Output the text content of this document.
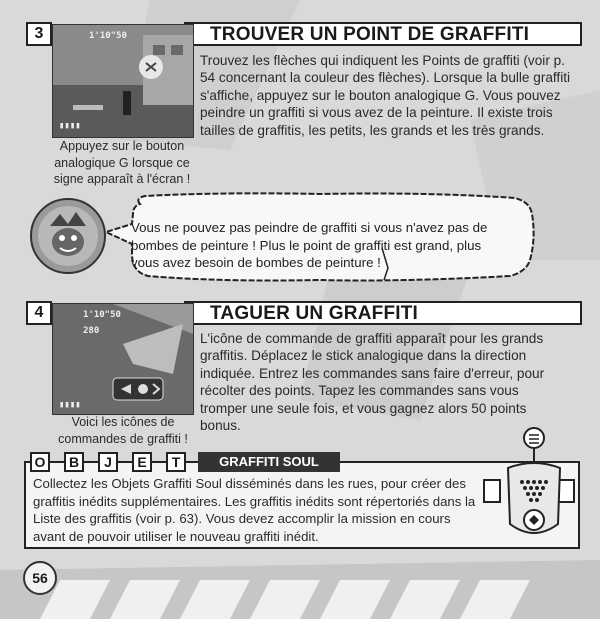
3	TROUVER UN POINT DE GRAFFITI
1'10"50
▮▮▮▮
Appuyez sur le bouton analogique G lorsque ce signe apparaît à l'écran !
Trouvez les flèches qui indiquent les Points de graffiti (voir p. 54 concernant la couleur des flèches). Lorsque la bulle graffiti s'affiche, appuyez sur le bouton analogique G. Vous pouvez peindre un graffiti si vous avez de la peinture. Il existe trois tailles de graffitis, les petits, les grands et les très grands.
Vous ne pouvez pas peindre de graffiti si vous n'avez pas de bombes de peinture ! Plus le point de graffiti est grand, plus vous avez besoin de bombes de peinture !
4	TAGUER UN GRAFFITI
1'10"50
280
▮▮▮▮
Voici les icônes de commandes de graffiti !
L'icône de commande de graffiti apparaît pour les grands graffitis. Déplacez le stick analogique dans la direction indiquée. Entrez les commandes sans faire d'erreur, pour récolter des points. Tapez les commandes sans vous tromper une seule fois, et vous gagnez alors 50 points bonus.
O	B	J	E	T	GRAFFITI SOUL
Collectez les Objets Graffiti Soul disséminés dans les rues, pour créer des graffitis inédits supplémentaires. Les graffitis inédits sont répertoriés dans la Liste des graffitis (voir p. 63). Vous devez accomplir la mission en cours avant de pouvoir utiliser le nouveau graffiti inédit.
56
